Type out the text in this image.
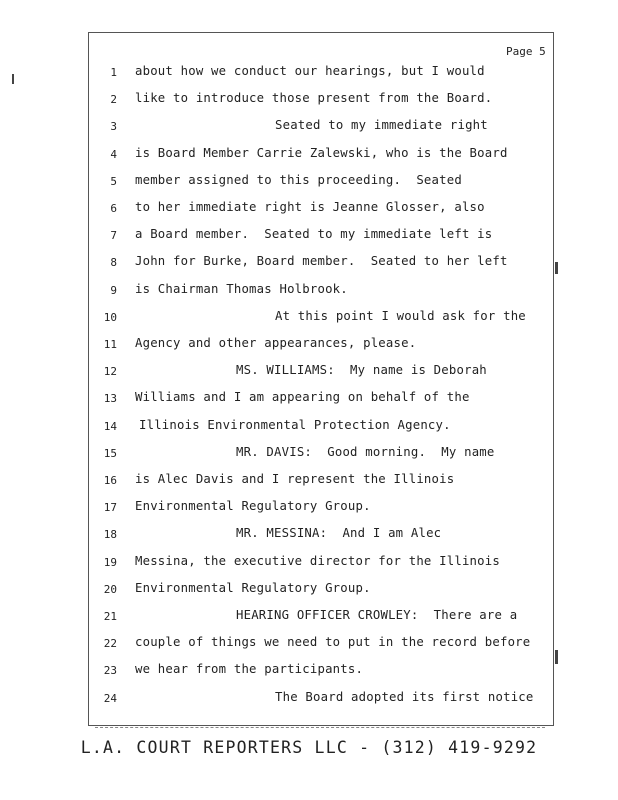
Page 5
1 about how we conduct our hearings, but I would
2 like to introduce those present from the Board.
3	Seated to my immediate right
4 is Board Member Carrie Zalewski, who is the Board
5 member assigned to this proceeding.  Seated
6 to her immediate right is Jeanne Glosser, also
7 a Board member.  Seated to my immediate left is
8 John for Burke, Board member.  Seated to her left
9 is Chairman Thomas Holbrook.
10	At this point I would ask for the
11 Agency and other appearances, please.
12	MS. WILLIAMS:  My name is Deborah
13 Williams and I am appearing on behalf of the
14 Illinois Environmental Protection Agency.
15	MR. DAVIS:  Good morning.  My name
16 is Alec Davis and I represent the Illinois
17 Environmental Regulatory Group.
18	MR. MESSINA:  And I am Alec
19 Messina, the executive director for the Illinois
20 Environmental Regulatory Group.
21	HEARING OFFICER CROWLEY:  There are a
22 couple of things we need to put in the record before
23 we hear from the participants.
24	The Board adopted its first notice
L.A. COURT REPORTERS LLC - (312) 419-9292
